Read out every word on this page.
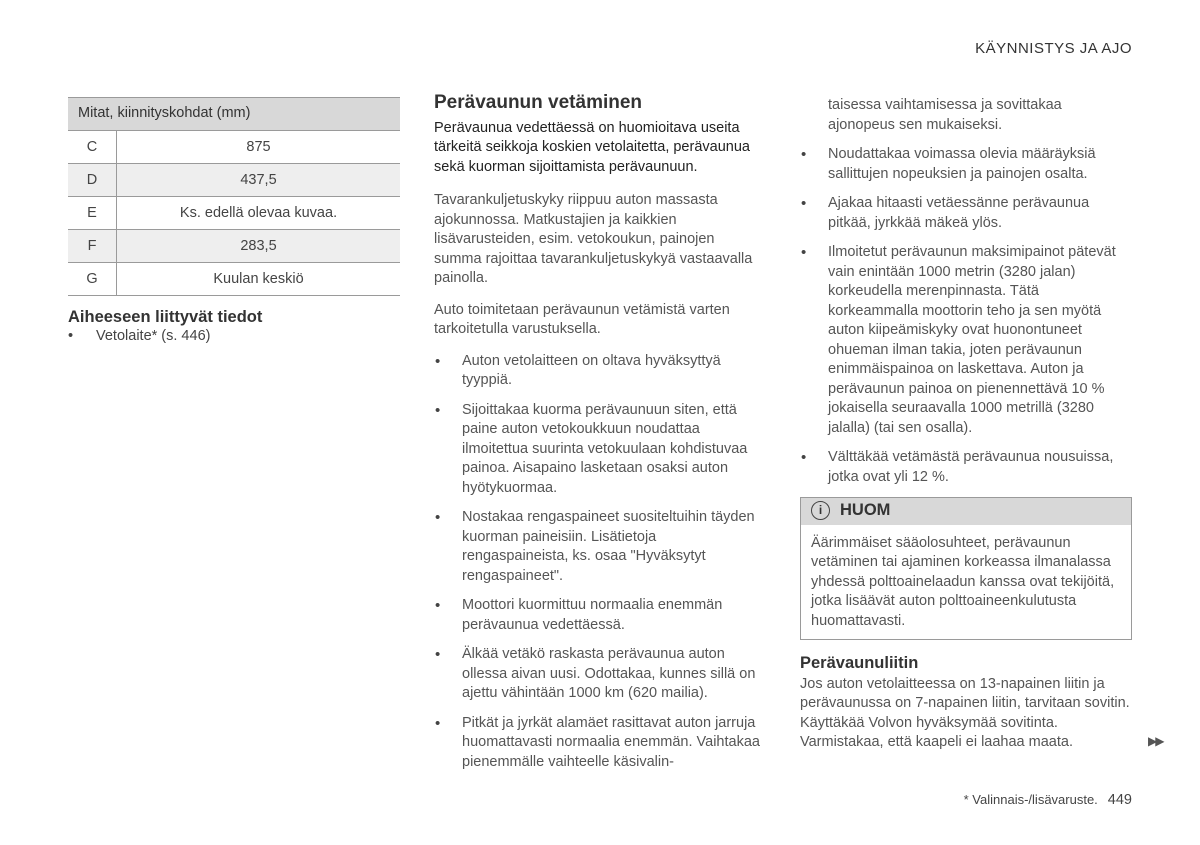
KÄYNNISTYS JA AJO
Mitat, kiinnityskohdat (mm)	
C	875
D	437,5
E	Ks. edellä olevaa kuvaa.
F	283,5
G	Kuulan keskiö
Aiheeseen liittyvät tiedot
•	Vetolaite* (s. 446)
Perävaunun vetäminen
Perävaunua vedettäessä on huomioitava useita tärkeitä seikkoja koskien vetolaitetta, perävaunua sekä kuorman sijoittamista perävaunuun.

Tavarankuljetuskyky riippuu auton massasta ajokunnossa. Matkustajien ja kaikkien lisävarusteiden, esim. vetokoukun, painojen summa rajoittaa tavarankuljetuskykyä vastaavalla painolla.

Auto toimitetaan perävaunun vetämistä varten tarkoitetulla varustuksella.

• Auton vetolaitteen on oltava hyväksyttyä tyyppiä.
• Sijoittakaa kuorma perävaunuun siten, että paine auton vetokoukkuun noudattaa ilmoitettua suurinta vetokuulaan kohdistuvaa painoa. Aisapaino lasketaan osaksi auton hyötykuormaa.
• Nostakaa rengaspaineet suositeltuihin täyden kuorman paineisiin. Lisätietoja rengaspaineista, ks. osaa "Hyväksytyt rengaspaineet".
• Moottori kuormittuu normaalia enemmän perävaunua vedettäessä.
• Älkää vetäkö raskasta perävaunua auton ollessa aivan uusi. Odottakaa, kunnes sillä on ajettu vähintään 1000 km (620 mailia).
• Pitkät ja jyrkät alamäet rasittavat auton jarruja huomattavasti normaalia enemmän. Vaihtakaa pienemmälle vaihteelle käsivalin-
taisessa vaihtamisessa ja sovittakaa ajonopeus sen mukaiseksi.
• Noudattakaa voimassa olevia määräyksiä sallittujen nopeuksien ja painojen osalta.
• Ajakaa hitaasti vetäessänne perävaunua pitkää, jyrkkää mäkeä ylös.
• Ilmoitetut perävaunun maksimipainot pätevät vain enintään 1000 metrin (3280 jalan) korkeudella merenpinnasta. Tätä korkeammalla moottorin teho ja sen myötä auton kiipeämiskyky ovat huonontuneet ohueman ilman takia, joten perävaunun enimmäispainoa on laskettava. Auton ja perävaunun painoa on pienennettävä 10 % jokaisella seuraavalla 1000 metrillä (3280 jalalla) (tai sen osalla).
• Välttäkää vetämästä perävaunua nousuissa, jotka ovat yli 12 %.
i	HUOM
Äärimmäiset sääolosuhteet, perävaunun vetäminen tai ajaminen korkeassa ilmanalassa yhdessä polttoainelaadun kanssa ovat tekijöitä, jotka lisäävät auton polttoaineenkulutusta huomattavasti.
Perävaunuliitin
Jos auton vetolaitteessa on 13-napainen liitin ja perävaunussa on 7-napainen liitin, tarvitaan sovitin. Käyttäkää Volvon hyväksymää sovitinta. Varmistakaa, että kaapeli ei laahaa maata.	▶▶
* Valinnais-/lisävaruste. 449
